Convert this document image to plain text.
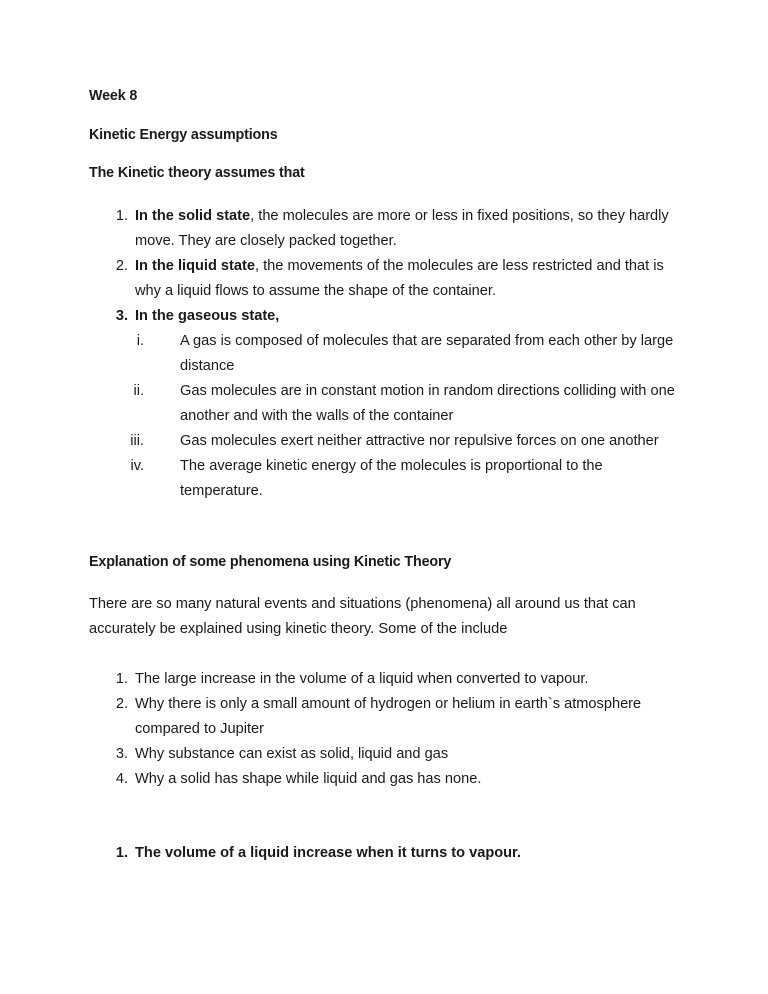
Week 8

Kinetic Energy assumptions

The Kinetic theory assumes that

1. In the solid state, the molecules are more or less in fixed positions, so they hardly move. They are closely packed together.
2. In the liquid state, the movements of the molecules are less restricted and that is why a liquid flows to assume the shape of the container.
3. In the gaseous state,
i. A gas is composed of molecules that are separated from each other by large distance
ii. Gas molecules are in constant motion in random directions colliding with one another and with the walls of the container
iii. Gas molecules exert neither attractive nor repulsive forces on one another
iv. The average kinetic energy of the molecules is proportional to the temperature.

Explanation of some phenomena using Kinetic Theory

There are so many natural events and situations (phenomena) all around us that can accurately be explained using kinetic theory. Some of the include

1. The large increase in the volume of a liquid when converted to vapour.
2. Why there is only a small amount of hydrogen or helium in earth`s atmosphere compared to Jupiter
3. Why substance can exist as solid, liquid and gas
4. Why a solid has shape while liquid and gas has none.
1. The volume of a liquid increase when it turns to vapour.
